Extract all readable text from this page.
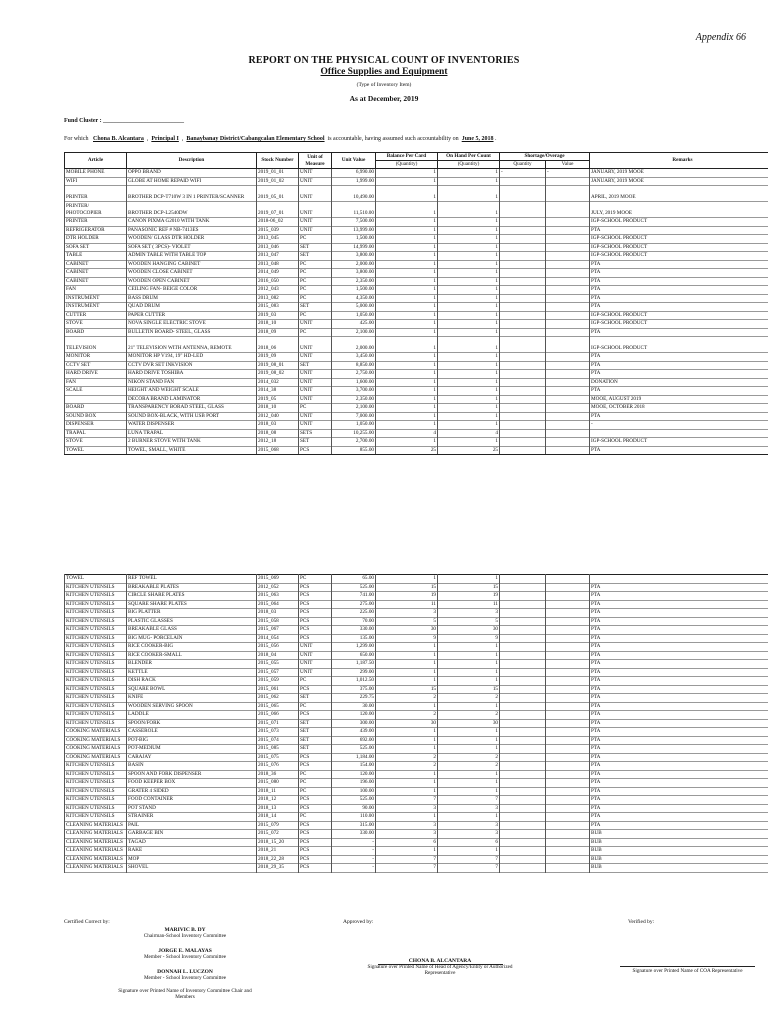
Appendix 66
REPORT ON THE PHYSICAL COUNT OF INVENTORIES
Office Supplies and Equipment
(Type of Inventory Item)
As at December, 2019
Fund Cluster : ___________________________
For which Chona B. Alcantara  ,  Principal I  ,  Banaybanay District/Cabangcalan Elementary School is accountable, having assumed such accountability on June 5, 2018 .
Article	Description	Stock Number	Unit of Measure	Unit Value	Balance Per Card	On Hand Per Count	Shortage/Overage		Remarks
					(Quantity)	(Quantity)	Quantity	Value	
MOBILE PHONE	OPPO BRAND	2019_01_01	UNIT	6,990.00	1	1	-	-	JANUARY, 2019 MOOE
WIFI	GLOBE AT HOME REPAID WIFI	2019_01_02	UNIT	1,999.00	1	1			JANUARY, 2019 MOOE
PRINTER	BROTHER DCP-T710W 3 IN 1 PRINTER/SCANNER	2019_05_01	UNIT	10,490.00	1	1			APRIL, 2019 MOOE
PRINTER/ PHOTOCOPIER	BROTHER DCP-L2540DW	2019_07_01	UNIT	11,510.00	1	1			JULY, 2019 MOOE
PRINTER	CANON PIXMA G2010 WITH TANK	2018-06_02	UNIT	7,500.00	1	1			IGP-SCHOOL PRODUCT
REFRIGERATOR	PANASONIC REF # NB-7413ES	2015_039	UNIT	13,999.00	1	1			PTA
DTR HOLDER	WOODEN/ GLASS DTR HOLDER	2013_045	PC	1,500.00	1	1			IGP-SCHOOL PRODUCT
SOFA SET	SOFA SET ( 3PCS)- VIOLET	2013_046	SET	14,999.00	1	1			IGP-SCHOOL PRODUCT
TABLE	ADMIN TABLE WITH TABLE TOP	2013_047	SET	3,800.00	1	1			IGP-SCHOOL PRODUCT
CABINET	WOODEN HANGING CABINET	2013_048	PC	2,000.00	1	1			PTA
CABINET	WOODEN CLOSE CABINET	2014_049	PC	3,800.00	1	1			PTA
CABINET	WOODEN OPEN CABINET	2016_050	PC	2,350.00	1	1			PTA
FAN	CEILING FAN- BEIGE COLOR	2012_043	PC	1,500.00	1	1			PTA
INSTRUMENT	BASS DRUM	2013_082	PC	4,350.00	1	1			PTA
INSTRUMENT	QUAD DRUM	2015_083	SET	5,000.00	1	1			PTA
CUTTER	PAPER CUTTER	2019_03	PC	1,050.00	1	1			IGP-SCHOOL PRODUCT
STOVE	NOVA SINGLE ELECTRIC STOVE	2018_10	UNIT	425.00	1	1			IGP-SCHOOL PRODUCT
BOARD	BULLETIN BOARD- STEEL, GLASS	2018_09	PC	2,100.00	1	1			PTA
TELEVISION	21" TELEVISION WITH ANTENNA, REMOTE	2018_06	UNIT	2,000.00	1	1			IGP-SCHOOL PRODUCT
MONITOR	MONITOR HP V194, 19" HD-LED	2019_09	UNIT	3,450.00	1	1			PTA
CCTV SET	CCTV DVR SET INKVISION	2019_08_01	SET	8,850.00	1	1			PTA
HARD DRIVE	HARD DRIVE TOSHIBA	2019_08_02	UNIT	2,750.00	1	1			PTA
FAN	NIKON STAND FAN	2014_032	UNIT	1,600.00	1	1			DONATION
SCALE	HEIGHT AND WEIGHT SCALE	2014_38	UNIT	3,700.00	1	1			PTA
	DECORA BRAND LAMINATOR	2019_05	UNIT	2,350.00	1	1			MOOE, AUGUST 2019
BOARD	TRANSPARENCY BORAD STEEL, GLASS	2018_10	PC	2,100.00	1	1			MOOE, OCTOBER 2018
SOUND BOX	SOUND BOX-BLACK, WITH USB PORT	2012_040	UNIT	7,000.00	1	1			PTA
DISPENSER	WATER DISPENSER	2018_03	UNIT	1,050.00	1	1			-
TRAPAL	LUNA TRAPAL	2018_08	SETS	10,255.00	4	4			
STOVE	2 BURNER STOVE WITH TANK	2012_18	SET	2,700.00	1	1			IGP-SCHOOL PRODUCT
TOWEL	TOWEL, SMALL, WHITE	2015_068	PCS	855.00	25	25			PTA
TOWEL	REF TOWEL	2015_069	PC	65.00	1	1			
KITCHEN UTENSILS	BREAKABLE PLATES	2012_052	PCS	525.00	15	15			PTA
KITCHEN UTENSILS	CIRCLE SHARE PLATES	2015_063	PCS	741.00	19	19			PTA
KITCHEN UTENSILS	SQUARE SHARE PLATES	2015_064	PCS	275.00	11	11			PTA
KITCHEN UTENSILS	BIG PLATTER	2018_03	PCS	225.00	3	3			PTA
KITCHEN UTENSILS	PLASTIC GLASSES	2015_058	PCS	70.00	5	5			PTA
KITCHEN UTENSILS	BREAKABLE GLASS	2015_067	PCS	330.00	30	30			PTA
KITCHEN UTENSILS	BIG MUG- PORCELAIN	2014_054	PCS	135.00	9	9			PTA
KITCHEN UTENSILS	RICE COOKER-BIG	2015_056	UNIT	1,299.00	1	1			PTA
KITCHEN UTENSILS	RICE COOKER-SMALL	2018_04	UNIT	650.00	1	1			PTA
KITCHEN UTENSILS	BLENDER	2015_055	UNIT	1,187.50	1	1			PTA
KITCHEN UTENSILS	KETTLE	2015_057	UNIT	299.00	1	1			PTA
KITCHEN UTENSILS	DISH RACK	2015_059	PC	1,012.50	1	1			PTA
KITCHEN UTENSILS	SQUARE BOWL	2015_061	PCS	375.00	15	15			PTA
KITCHEN UTENSILS	KNIFE	2015_062	SET	229.75	2	2			PTA
KITCHEN UTENSILS	WOODEN SERVING SPOON	2015_065	PC	30.00	1	1			PTA
KITCHEN UTENSILS	LADDLE	2015_066	PCS	120.00	2	2			PTA
KITCHEN UTENSILS	SPOON/FORK	2015_071	SET	300.00	30	30			PTA
COOKING MATERIALS	CASSEROLE	2015_073	SET	439.00	1	1			PTA
COOKING MATERIALS	POT-BIG	2015_074	SET	692.00	1	1			PTA
COOKING MATERIALS	POT-MEDIUM	2015_085	SET	525.00	1	1			PTA
COOKING MATERIALS	CARAJAY	2015_075	PCS	1,184.00	2	2			PTA
KITCHEN UTENSILS	BASIN	2015_076	PCS	154.00	2	2			PTA
KITCHEN UTENSILS	SPOON AND FORK DISPENSER	2018_36	PC	120.00	1	1			PTA
KITCHEN UTENSILS	FOOD KEEPER BOX	2015_080	PC	196.00	1	1			PTA
KITCHEN UTENSILS	GRATER 4 SIDED	2018_11	PC	100.00	1	1			PTA
KITCHEN UTENSILS	FOOD CONTAINER	2018_12	PCS	525.00	7	7			PTA
KITCHEN UTENSILS	POT STAND	2018_13	PCS	90.00	3	3			PTA
KITCHEN UTENSILS	STRAINER	2018_14	PC	110.00	1	1			PTA
CLEANING MATERIALS	PAIL	2015_079	PCS	315.00	3	3			PTA
CLEANING MATERIALS	GARBAGE BIN	2015_072	PCS	330.00	3	3			BUB
CLEANING MATERIALS	TAGAD	2018_15_20	PCS	-	6	6			BUB
CLEANING MATERIALS	RAKE	2018_21	PCS	-	1	1			BUB
CLEANING MATERIALS	MOP	2018_22_28	PCS	-	7	7			BUB
CLEANING MATERIALS	SHOVEL	2018_29_35	PCS	-	7	7			BUB
Certified Correct by:	Approved by:	Verified by:
MARIVIC B. DY
Chairman-School Inventory Committee
JORGE E. MALAYAS
Member - School Inventory Committee
DONNAH L. LUCZON
Member - School Inventory Committee
Signature over Printed Name of Inventory Committee Chair and Members
CHONA B. ALCANTARA
Signature over Printed Name of Head of Agency/Entity or Authorized Representative	Signature over Printed Name of COA Representative
